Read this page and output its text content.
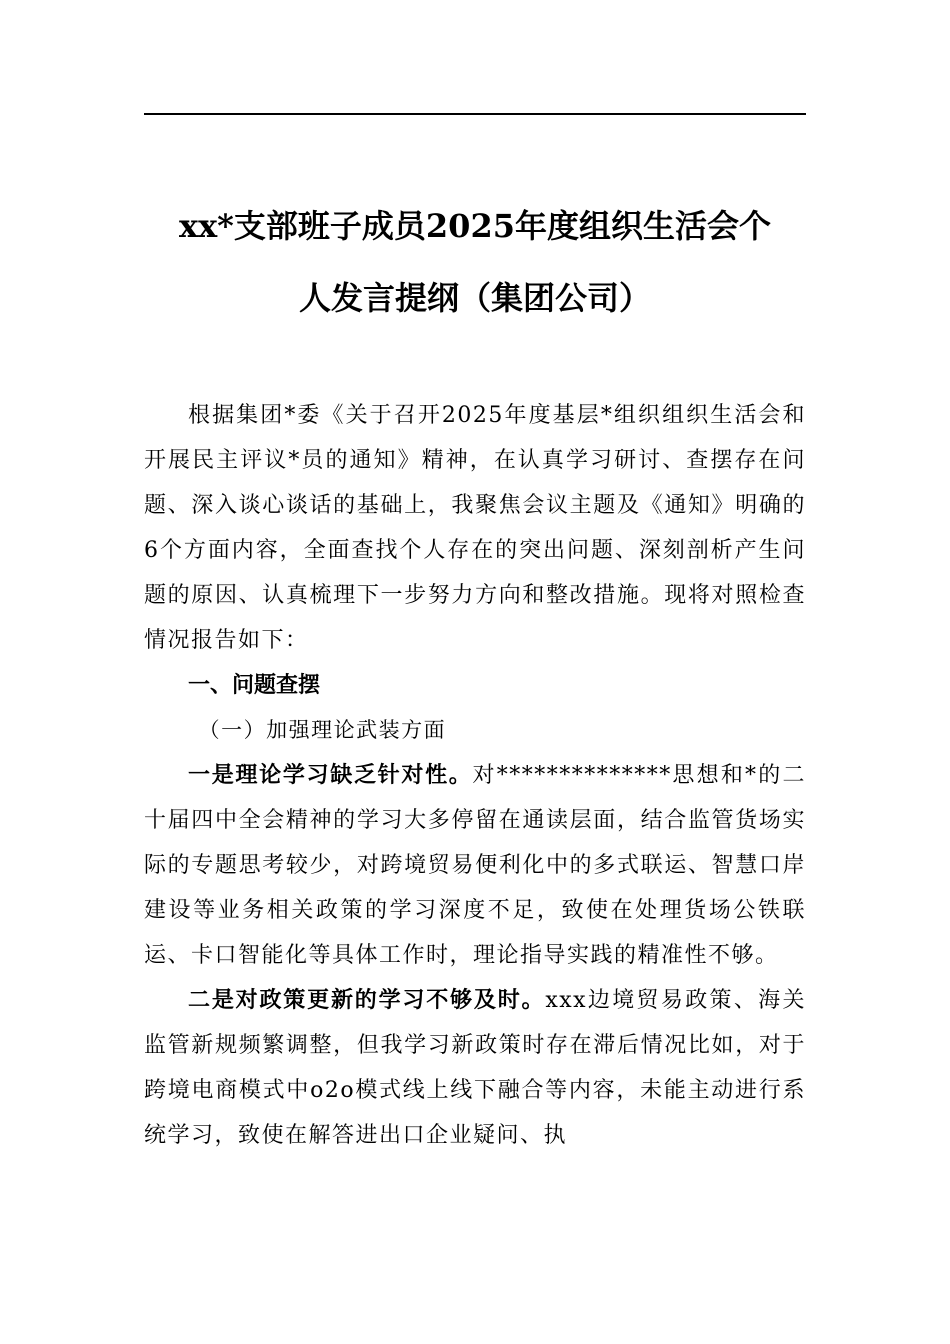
xx*支部班子成员2025年度组织生活会个
人发言提纲（集团公司）

根据集团*委《关于召开2025年度基层*组织组织生活会和开展民主评议*员的通知》精神，在认真学习研讨、查摆存在问题、深入谈心谈话的基础上，我聚焦会议主题及《通知》明确的6个方面内容，全面查找个人存在的突出问题、深刻剖析产生问题的原因、认真梳理下一步努力方向和整改措施。现将对照检查情况报告如下：

一、问题查摆

（一）加强理论武装方面

一是理论学习缺乏针对性。对**************思想和*的二十届四中全会精神的学习大多停留在通读层面，结合监管货场实际的专题思考较少，对跨境贸易便利化中的多式联运、智慧口岸建设等业务相关政策的学习深度不足，致使在处理货场公铁联运、卡口智能化等具体工作时，理论指导实践的精准性不够。

二是对政策更新的学习不够及时。xxx边境贸易政策、海关监管新规频繁调整，但我学习新政策时存在滞后情况比如，对于跨境电商模式中o2o模式线上线下融合等内容，未能主动进行系统学习，致使在解答进出口企业疑问、执
